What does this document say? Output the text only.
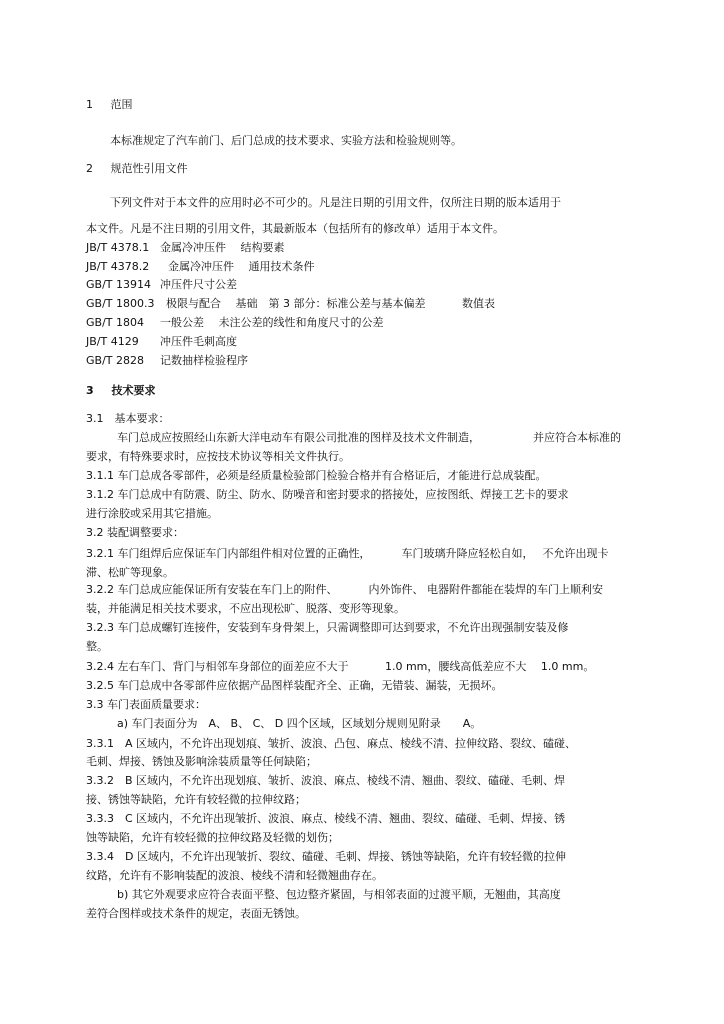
1 范围
本标准规定了汽车前门、后门总成的技术要求、实验方法和检验规则等。
2 规范性引用文件
下列文件对于本文件的应用时必不可少的。凡是注日期的引用文件，仅所注日期的版本适用于
本文件。凡是不注日期的引用文件，其最新版本（包括所有的修改单）适用于本文件。
JB/T 4378.1 金属冷冲压件　 结构要素
JB/T 4378.2 金属冷冲压件　 通用技术条件
GB/T 13914 冲压件尺寸公差
GB/T 1800.3 极限与配合　 基础　第 3 部分：标准公差与基本偏差　　　 数值表
GB/T 1804 一般公差　 未注公差的线性和角度尺寸的公差
JB/T 4129 冲压件毛刺高度
GB/T 2828 记数抽样检验程序
3 技术要求
3.1　基本要求：
车门总成应按照经山东新大洋电动车有限公司批准的图样及技术文件制造，　　　　　 并应符合本标准的
要求，有特殊要求时，应按技术协议等相关文件执行。
3.1.1 车门总成各零部件，必须是经质量检验部门检验合格并有合格证后，才能进行总成装配。
3.1.2 车门总成中有防震、防尘、防水、防噪音和密封要求的搭接处，应按图纸、焊接工艺卡的要求
进行涂胶或采用其它措施。
3.2 装配调整要求：
3.2.1 车门组焊后应保证车门内部组件相对位置的正确性，　　　 车门玻璃升降应轻松自如，　 不允许出现卡
滞、松旷等现象。
3.2.2 车门总成应能保证所有安装在车门上的附件、　　　 内外饰件、 电器附件都能在装焊的车门上顺利安
装，并能满足相关技术要求，不应出现松旷、脱落、变形等现象。
3.2.3 车门总成螺钉连接件，安装到车身骨架上，只需调整即可达到要求，不允许出现强制安装及修
整。
3.2.4 左右车门、背门与相邻车身部位的面差应不大于　　　 1.0 mm，腰线高低差应不大　 1.0 mm。
3.2.5 车门总成中各零部件应依据产品图样装配齐全、正确，无错装、漏装，无损坏。
3.3 车门表面质量要求：
a) 车门表面分为　A、 B、 C、 D 四个区域，区域划分规则见附录　　A。
3.3.1　A 区域内，不允许出现划痕、皱折、波浪、凸包、麻点、棱线不清、拉伸纹路、裂纹、磕碰、
毛刺、焊接、锈蚀及影响涂装质量等任何缺陷；
3.3.2　B 区域内，不允许出现划痕、皱折、波浪、麻点、棱线不清、翘曲、裂纹、磕碰、毛刺、焊
接、锈蚀等缺陷，允许有较轻微的拉伸纹路；
3.3.3　C 区域内，不允许出现皱折、波浪、麻点、棱线不清、翘曲、裂纹、磕碰、毛刺、焊接、锈
蚀等缺陷，允许有较轻微的拉伸纹路及轻微的划伤；
3.3.4　D 区域内，不允许出现皱折、裂纹、磕碰、毛刺、焊接、锈蚀等缺陷，允许有较轻微的拉伸
纹路，允许有不影响装配的波浪、棱线不清和轻微翘曲存在。
b) 其它外观要求应符合表面平整、包边整齐紧固，与相邻表面的过渡平顺，无翘曲，其高度
差符合图样或技术条件的规定，表面无锈蚀。
